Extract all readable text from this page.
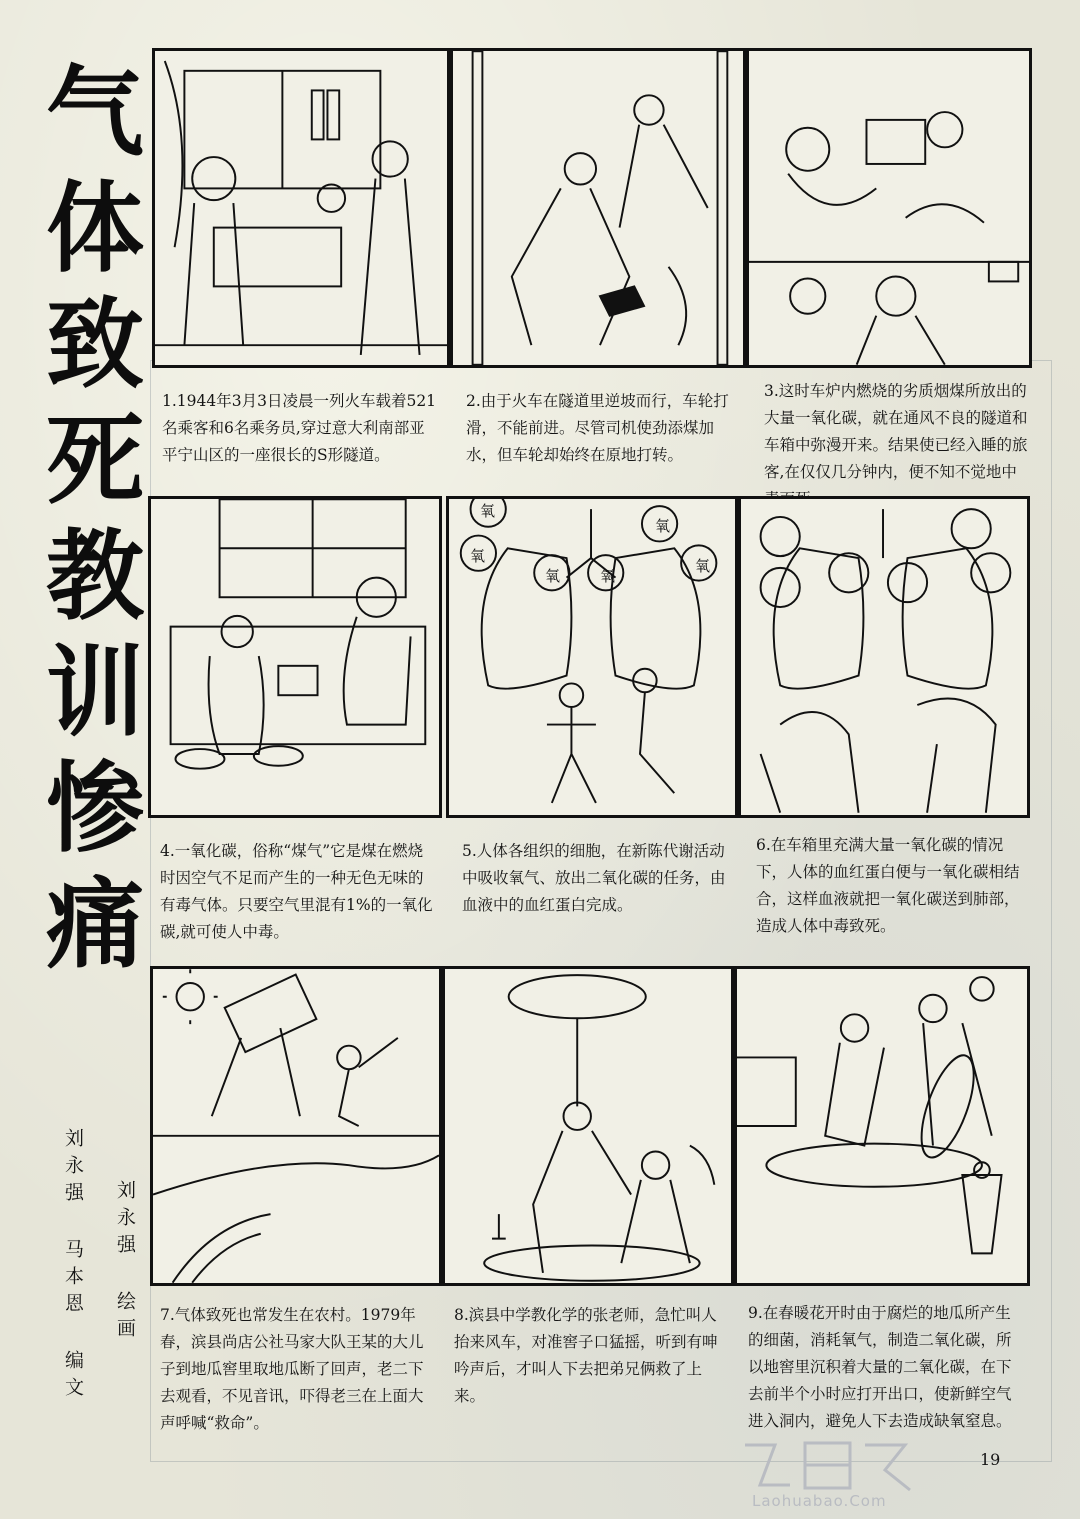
气
体
致
死
教
训
惨
痛
刘永强 马本恩 编文 刘永强 绘画
1.1944年3月3日凌晨一列火车载着521名乘客和6名乘务员,穿过意大利南部亚平宁山区的一座很长的S形隧道。
2.由于火车在隧道里逆坡而行，车轮打滑，不能前进。尽管司机使劲添煤加水，但车轮却始终在原地打转。
3.这时车炉内燃烧的劣质烟煤所放出的大量一氧化碳，就在通风不良的隧道和车箱中弥漫开来。结果使已经入睡的旅客,在仅仅几分钟内，便不知不觉地中
氧
氧
氧	氧
氧
氧
4.一氧化碳，俗称“煤气”它是煤在燃烧时因空气不足而产生的一种无色无味的有毒气体。只要空气里混有1%的一氧化碳,就可使人中毒。
5.人体各组织的细胞，在新陈代谢活动中吸收氧气、放出二氧化碳的任务，由血液中的血红蛋白完成。
6.在车箱里充满大量一氧化碳的情况下，人体的血红蛋白便与一氧化碳相结合，这样血液就把一氧化碳送到肺部，造成人体中毒致死。
7.气体致死也常发生在农村。1979年春，滨县尚店公社马家大队王某的大儿子到地瓜窖里取地瓜断了回声，老二下去观看，不见音讯，吓得老三在上面大声呼喊“救命”。
8.滨县中学教化学的张老师，急忙叫人抬来风车，对准窖子口猛摇，听到有呻吟声后，才叫人下去把弟兄俩救了上来。
9.在春暖花开时由于腐烂的地瓜所产生的细菌，消耗氧气，制造二氧化碳，所以地窖里沉积着大量的二氧化碳，在下去前半个小时应打开出口，使新鲜空气进入洞内，避免人下去造成缺氧窒息。
Laohuabao.Com
19
